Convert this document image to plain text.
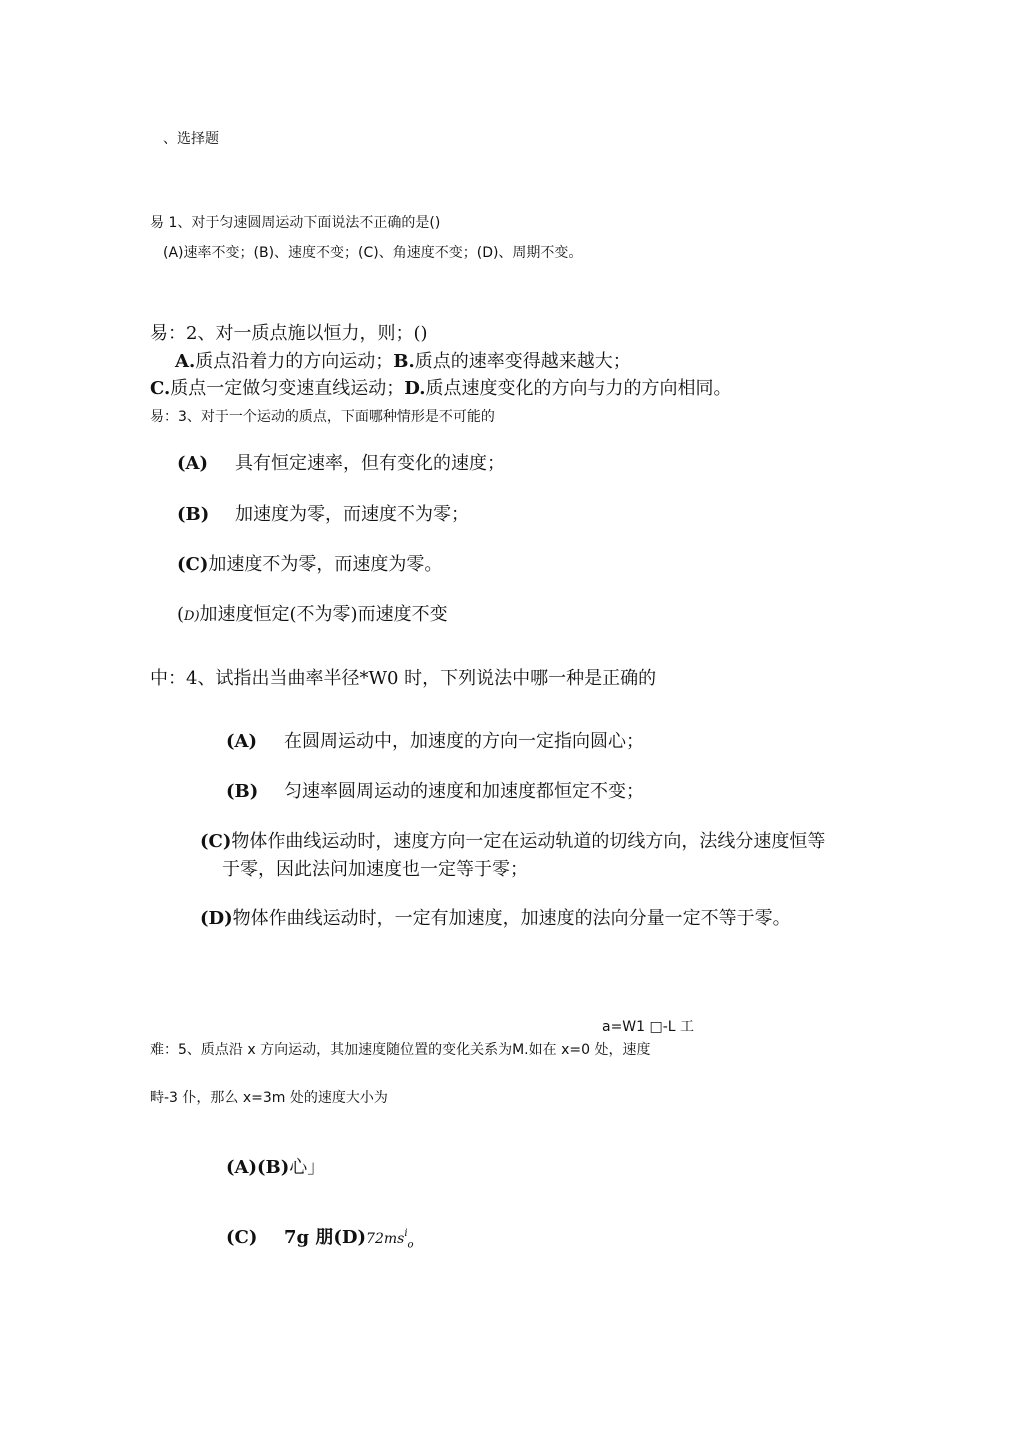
、选择题
易 1、对于匀速圆周运动下面说法不正确的是()
(A)速率不变；(B)、速度不变；(C)、角速度不变；(D)、周期不变。
易：2、对一质点施以恒力，则；()
A.质点沿着力的方向运动；B.质点的速率变得越来越大；
C.质点一定做匀变速直线运动；D.质点速度变化的方向与力的方向相同。
易：3、对于一个运动的质点，下面哪种情形是不可能的
(A) 具有恒定速率，但有变化的速度；
(B) 加速度为零，而速度不为零；
(C)加速度不为零，而速度为零。
(D)加速度恒定(不为零)而速度不变
中：4、试指出当曲率半径*W0 时，下列说法中哪一种是正确的
(A) 在圆周运动中，加速度的方向一定指向圆心；
(B) 匀速率圆周运动的速度和加速度都恒定不变；
(C)物体作曲线运动时，速度方向一定在运动轨道的切线方向，法线分速度恒等
于零，因此法问加速度也一定等于零；
(D)物体作曲线运动时，一定有加速度，加速度的法向分量一定不等于零。
a=W1 □-L 工
难：5、质点沿 x 方向运动，其加速度随位置的变化关系为M.如在 x=0 处，速度
畤-3 仆，那么 x=3m 处的速度大小为
(A)(B)心」
(C) 7g 朋$(D)72ms^i_o$
